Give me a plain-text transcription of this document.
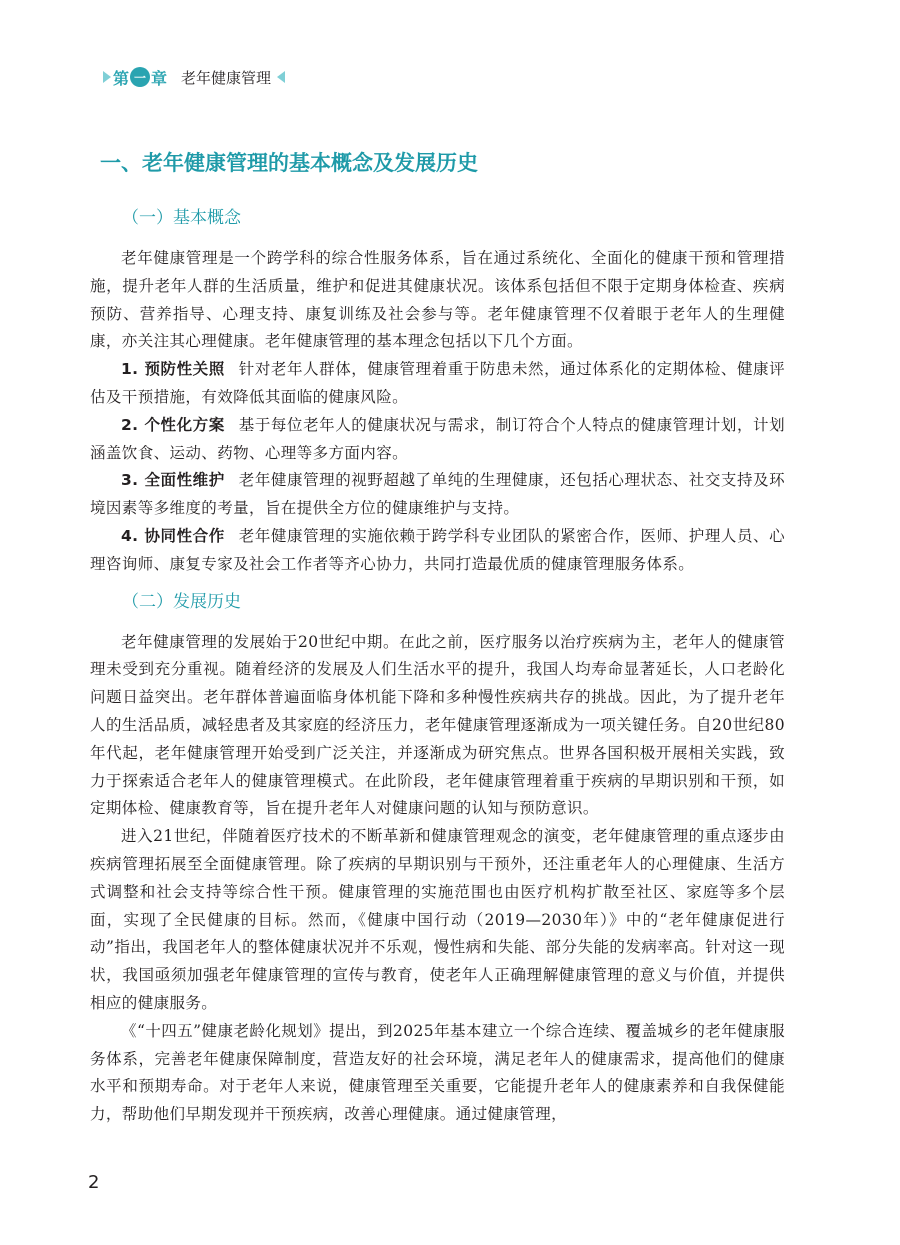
第 一 章 老年健康管理
一、老年健康管理的基本概念及发展历史
（一）基本概念

老年健康管理是一个跨学科的综合性服务体系，旨在通过系统化、全面化的健康干预和管理措施，提升老年人群的生活质量，维护和促进其健康状况。该体系包括但不限于定期身体检查、疾病预防、营养指导、心理支持、康复训练及社会参与等。老年健康管理不仅着眼于老年人的生理健康，亦关注其心理健康。老年健康管理的基本理念包括以下几个方面。

1. 预防性关照 针对老年人群体，健康管理着重于防患未然，通过体系化的定期体检、健康评估及干预措施，有效降低其面临的健康风险。

2. 个性化方案 基于每位老年人的健康状况与需求，制订符合个人特点的健康管理计划，计划涵盖饮食、运动、药物、心理等多方面内容。

3. 全面性维护 老年健康管理的视野超越了单纯的生理健康，还包括心理状态、社交支持及环境因素等多维度的考量，旨在提供全方位的健康维护与支持。

4. 协同性合作 老年健康管理的实施依赖于跨学科专业团队的紧密合作，医师、护理人员、心理咨询师、康复专家及社会工作者等齐心协力，共同打造最优质的健康管理服务体系。

（二）发展历史

老年健康管理的发展始于20世纪中期。在此之前，医疗服务以治疗疾病为主，老年人的健康管理未受到充分重视。随着经济的发展及人们生活水平的提升，我国人均寿命显著延长，人口老龄化问题日益突出。老年群体普遍面临身体机能下降和多种慢性疾病共存的挑战。因此，为了提升老年人的生活品质，减轻患者及其家庭的经济压力，老年健康管理逐渐成为一项关键任务。自20世纪80年代起，老年健康管理开始受到广泛关注，并逐渐成为研究焦点。世界各国积极开展相关实践，致力于探索适合老年人的健康管理模式。在此阶段，老年健康管理着重于疾病的早期识别和干预，如定期体检、健康教育等，旨在提升老年人对健康问题的认知与预防意识。

进入21世纪，伴随着医疗技术的不断革新和健康管理观念的演变，老年健康管理的重点逐步由疾病管理拓展至全面健康管理。除了疾病的早期识别与干预外，还注重老年人的心理健康、生活方式调整和社会支持等综合性干预。健康管理的实施范围也由医疗机构扩散至社区、家庭等多个层面，实现了全民健康的目标。然而，《健康中国行动（2019—2030年）》中的“老年健康促进行动”指出，我国老年人的整体健康状况并不乐观，慢性病和失能、部分失能的发病率高。针对这一现状，我国亟须加强老年健康管理的宣传与教育，使老年人正确理解健康管理的意义与价值，并提供相应的健康服务。

《“十四五”健康老龄化规划》提出，到2025年基本建立一个综合连续、覆盖城乡的老年健康服务体系，完善老年健康保障制度，营造友好的社会环境，满足老年人的健康需求，提高他们的健康水平和预期寿命。对于老年人来说，健康管理至关重要，它能提升老年人的健康素养和自我保健能力，帮助他们早期发现并干预疾病，改善心理健康。通过健康管理，

2
